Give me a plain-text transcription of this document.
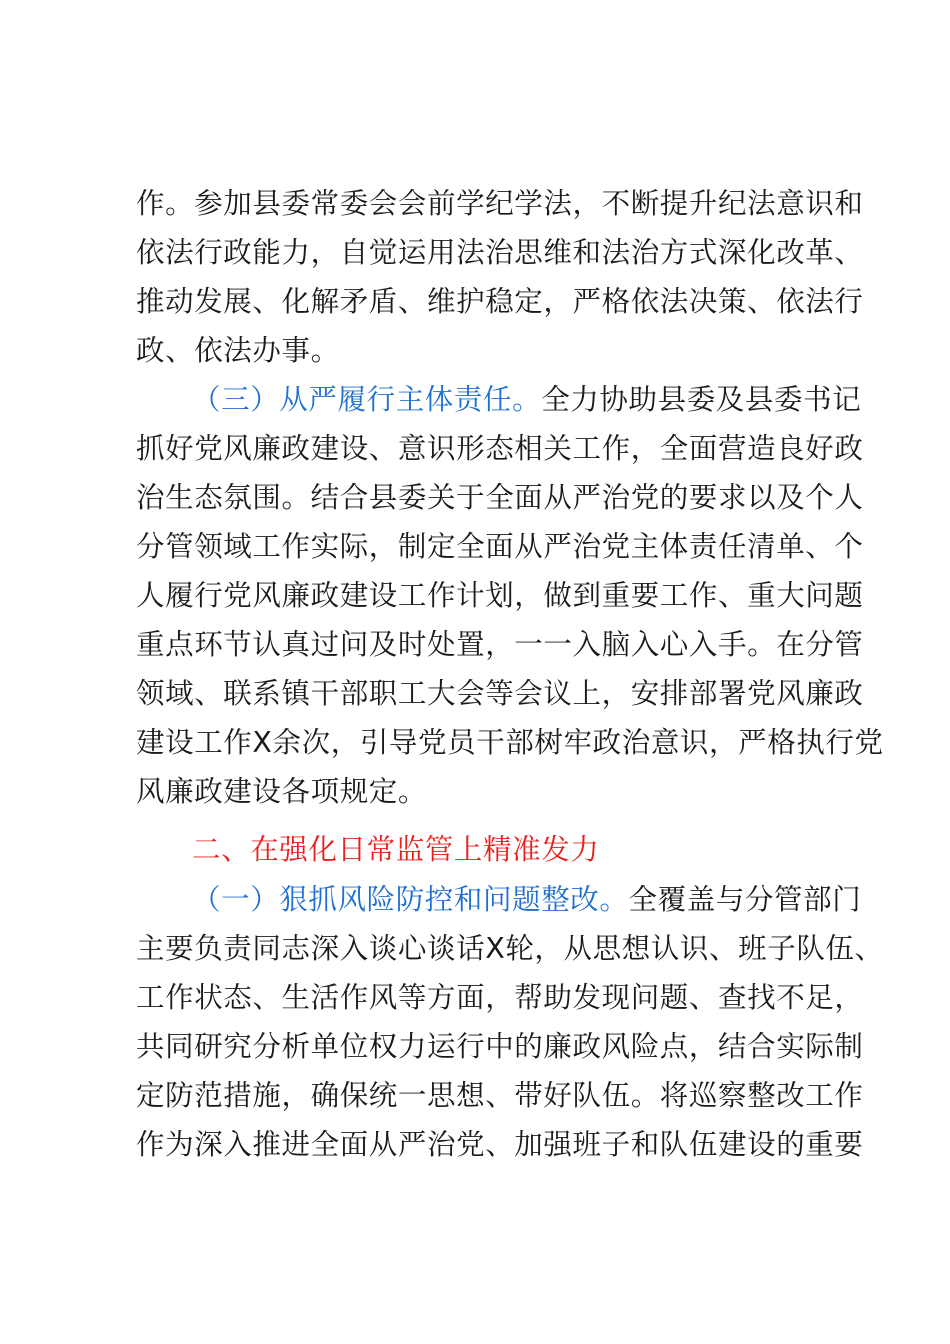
作。参加县委常委会会前学纪学法，不断提升纪法意识和
依法行政能力，自觉运用法治思维和法治方式深化改革、
推动发展、化解矛盾、维护稳定，严格依法决策、依法行
政、依法办事。
（三）从严履行主体责任。全力协助县委及县委书记
抓好党风廉政建设、意识形态相关工作，全面营造良好政
治生态氛围。结合县委关于全面从严治党的要求以及个人
分管领域工作实际，制定全面从严治党主体责任清单、个
人履行党风廉政建设工作计划，做到重要工作、重大问题
重点环节认真过问及时处置，一一入脑入心入手。在分管
领域、联系镇干部职工大会等会议上，安排部署党风廉政
建设工作X余次，引导党员干部树牢政治意识，严格执行党
风廉政建设各项规定。
二、在强化日常监管上精准发力
（一）狠抓风险防控和问题整改。全覆盖与分管部门
主要负责同志深入谈心谈话X轮，从思想认识、班子队伍、
工作状态、生活作风等方面，帮助发现问题、查找不足，
共同研究分析单位权力运行中的廉政风险点，结合实际制
定防范措施，确保统一思想、带好队伍。将巡察整改工作
作为深入推进全面从严治党、加强班子和队伍建设的重要
